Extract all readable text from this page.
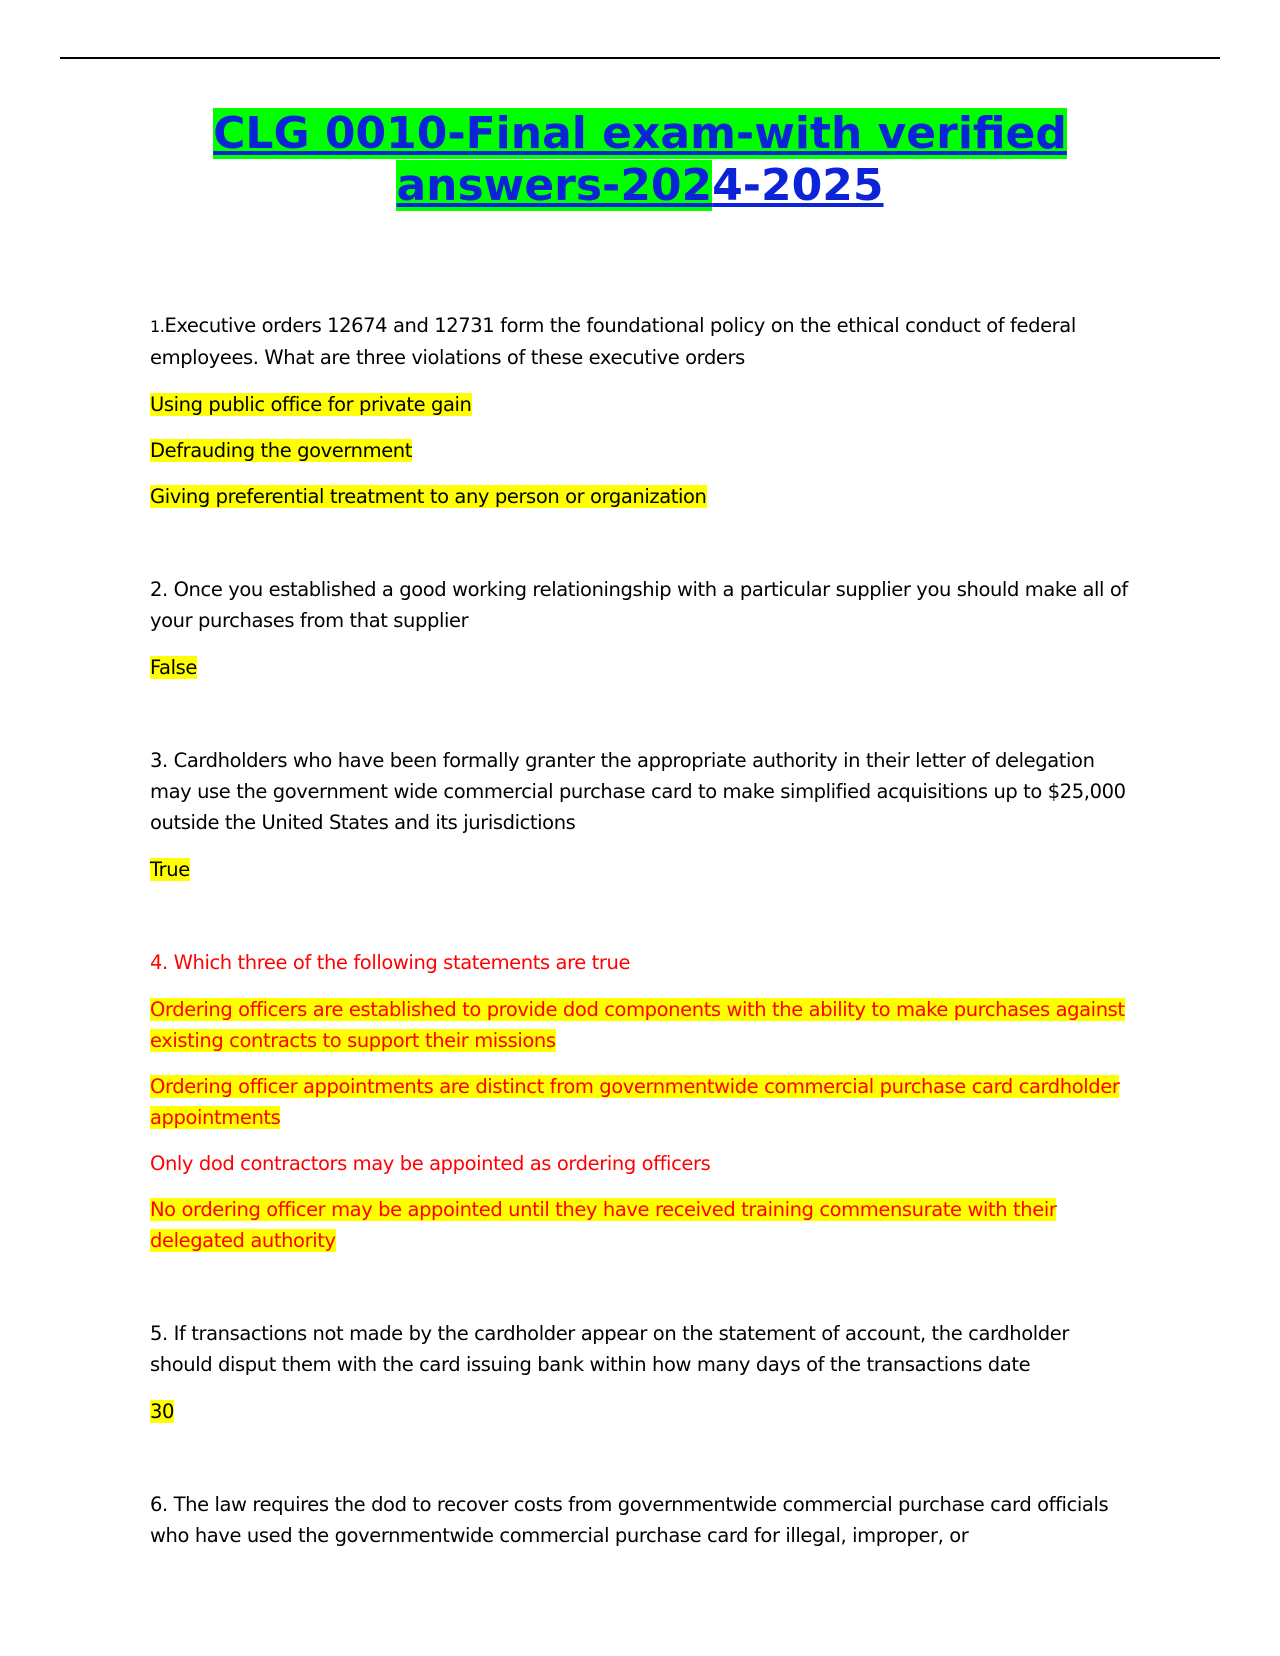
CLG 0010-Final exam-with verified
answers-2024-2025

1.Executive orders 12674 and 12731 form the foundational policy on the ethical conduct of federal employees. What are three violations of these executive orders

Using public office for private gain

Defrauding the government

Giving preferential treatment to any person or organization

2. Once you established a good working relationingship with a particular supplier you should make all of your purchases from that supplier

False

3. Cardholders who have been formally granter the appropriate authority in their letter of delegation may use the government wide commercial purchase card to make simplified acquisitions up to $25,000 outside the United States and its jurisdictions

True

4. Which three of the following statements are true

Ordering officers are established to provide dod components with the ability to make purchases against existing contracts to support their missions

Ordering officer appointments are distinct from governmentwide commercial purchase card cardholder appointments

Only dod contractors may be appointed as ordering officers

No ordering officer may be appointed until they have received training commensurate with their delegated authority

5. If transactions not made by the cardholder appear on the statement of account, the cardholder should disput them with the card issuing bank within how many days of the transactions date

30

6. The law requires the dod to recover costs from governmentwide commercial purchase card officials who have used the governmentwide commercial purchase card for illegal, improper, or
